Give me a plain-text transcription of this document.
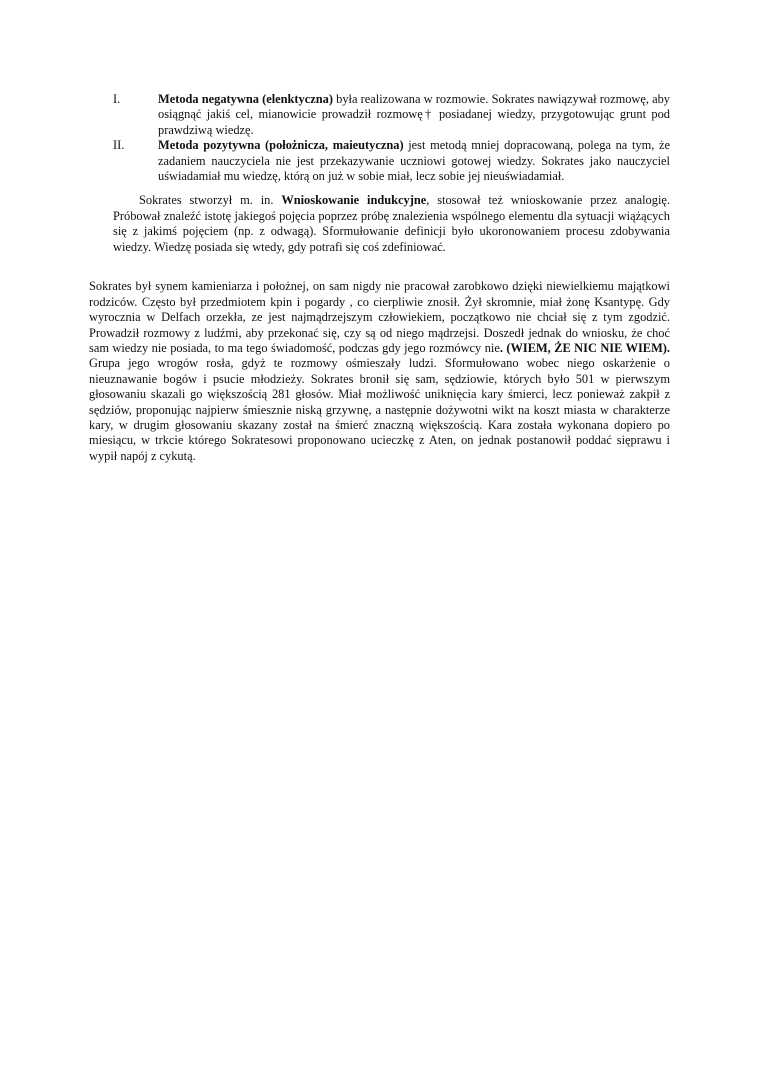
I.	Metoda negatywna (elenktyczna) była realizowana w rozmowie. Sokrates nawiązywał rozmowę, aby osiągnąć jakiś cel, mianowicie prowadził rozmowę† posiadanej wiedzy, przygotowując grunt pod prawdziwą wiedzę.
II.	Metoda pozytywna (położnicza, maieutyczna) jest metodą mniej dopracowaną, polega na tym, że zadaniem nauczyciela nie jest przekazywanie uczniowi gotowej wiedzy. Sokrates jako nauczyciel uświadamiał mu wiedzę, którą on już w sobie miał, lecz sobie jej nieuświadamiał.

Sokrates stworzył m. in. Wnioskowanie indukcyjne, stosował też wnioskowanie przez analogię. Próbował znaleźć istotę jakiegoś pojęcia poprzez próbę znalezienia wspólnego elementu dla sytuacji wiążących się z jakimś pojęciem (np. z odwagą). Sformułowanie definicji było ukoronowaniem procesu zdobywania wiedzy. Wiedzę posiada się wtedy, gdy potrafi się coś zdefiniować.

Sokrates był synem kamieniarza i położnej, on sam nigdy nie pracował zarobkowo dzięki niewielkiemu majątkowi rodziców. Często był przedmiotem kpin i pogardy , co cierpliwie znosił. Żył skromnie, miał żonę Ksantypę. Gdy wyrocznia w Delfach orzekła, ze jest najmądrzejszym człowiekiem, początkowo nie chciał się z tym zgodzić. Prowadził rozmowy z ludźmi, aby przekonać się, czy są od niego mądrzejsi. Doszedł jednak do wniosku, że choć sam wiedzy nie posiada, to ma tego świadomość, podczas gdy jego rozmówcy nie. (WIEM, ŻE NIC NIE WIEM). Grupa jego wrogów rosła, gdyż te rozmowy ośmieszały ludzi. Sformułowano wobec niego oskarżenie o nieuznawanie bogów i psucie młodzieży. Sokrates bronił się sam, sędziowie, których było 501 w pierwszym głosowaniu skazali go większością 281 głosów. Miał możliwość uniknięcia kary śmierci, lecz ponieważ zakpił z sędziów, proponując najpierw śmiesznie niską grzywnę, a następnie dożywotni wikt na koszt miasta w charakterze kary, w drugim głosowaniu skazany został na śmierć znaczną większością. Kara została wykonana dopiero po miesiącu, w trkcie którego Sokratesowi proponowano ucieczkę z Aten, on jednak postanowił poddać sięprawu i wypił napój z cykutą.
